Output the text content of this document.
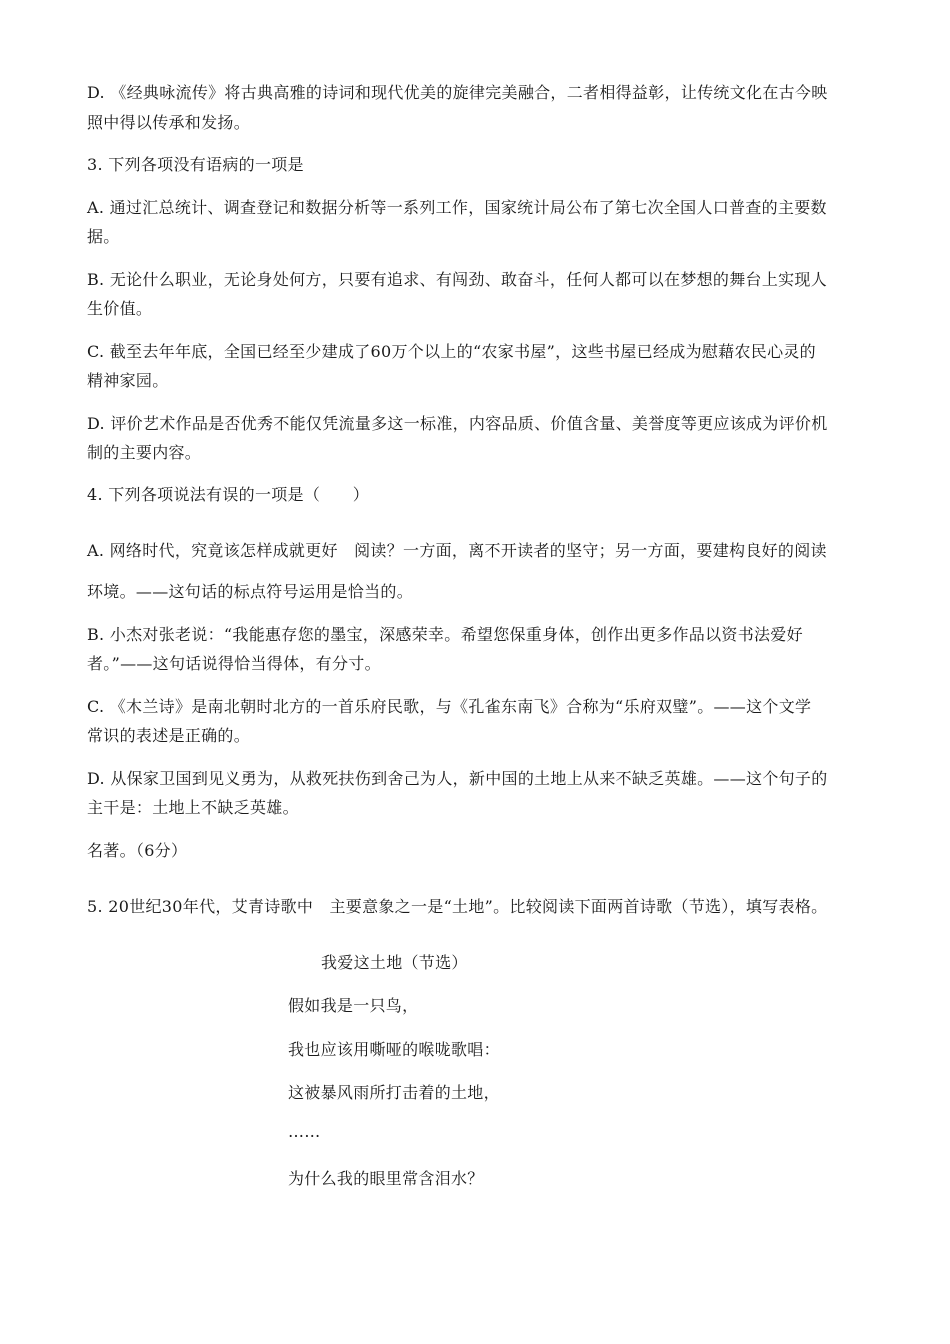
D. 《经典咏流传》将古典高雅的诗词和现代优美的旋律完美融合，二者相得益彰，让传统文化在古今映
照中得以传承和发扬。
3. 下列各项没有语病的一项是
A. 通过汇总统计、调查登记和数据分析等一系列工作，国家统计局公布了第七次全国人口普查的主要数
据。
B. 无论什么职业，无论身处何方，只要有追求、有闯劲、敢奋斗，任何人都可以在梦想的舞台上实现人
生价值。
C. 截至去年年底，全国已经至少建成了60万个以上的“农家书屋”，这些书屋已经成为慰藉农民心灵的
精神家园。
D. 评价艺术作品是否优秀不能仅凭流量多这一标准，内容品质、价值含量、美誉度等更应该成为评价机
制的主要内容。
4. 下列各项说法有误的一项是（　　）
A. 网络时代，究竟该怎样成就更好　阅读？一方面，离不开读者的坚守；另一方面，要建构良好的阅读
环境。——这句话的标点符号运用是恰当的。
B. 小杰对张老说：“我能惠存您的墨宝，深感荣幸。希望您保重身体，创作出更多作品以资书法爱好
者。”——这句话说得恰当得体，有分寸。
C. 《木兰诗》是南北朝时北方的一首乐府民歌，与《孔雀东南飞》合称为“乐府双璧”。——这个文学
常识的表述是正确的。
D. 从保家卫国到见义勇为，从救死扶伤到舍己为人，新中国的土地上从来不缺乏英雄。——这个句子的
主干是：土地上不缺乏英雄。
名著。（6分）
5. 20世纪30年代，艾青诗歌中　主要意象之一是“土地”。比较阅读下面两首诗歌（节选），填写表格。
我爱这土地（节选）
假如我是一只鸟，
我也应该用嘶哑的喉咙歌唱：
这被暴风雨所打击着的土地，
……
为什么我的眼里常含泪水？
